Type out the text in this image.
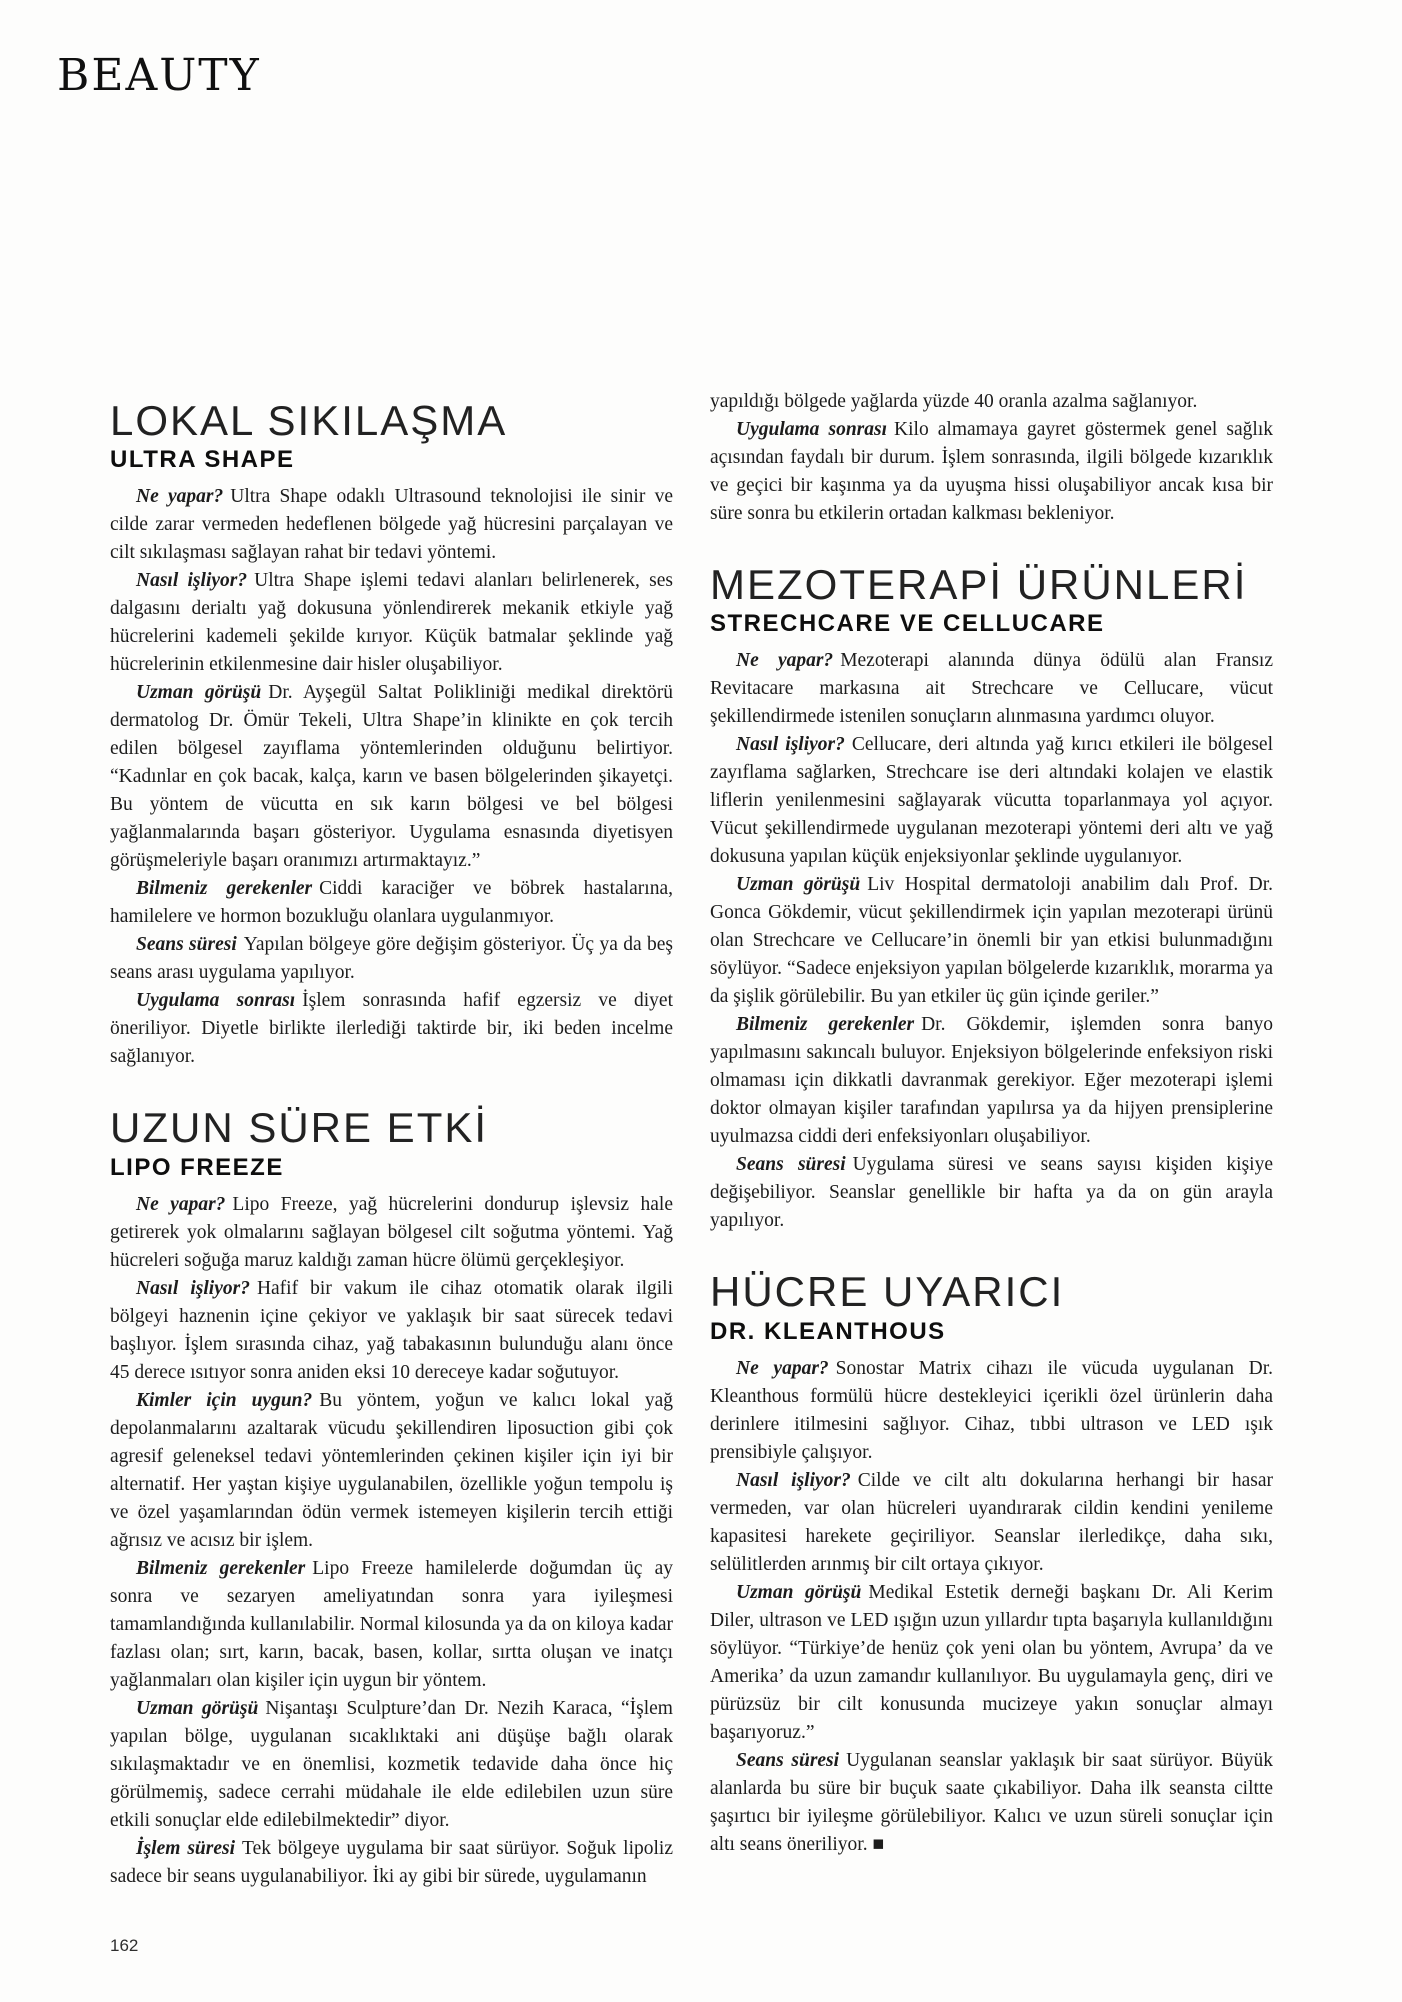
BEAUTY
LOKAL SIKILAŞMA
ULTRA SHAPE

Ne yapar? Ultra Shape odaklı Ultrasound teknolojisi ile sinir ve cilde zarar vermeden hedeflenen bölgede yağ hücresini parçalayan ve cilt sıkılaşması sağlayan rahat bir tedavi yöntemi.

Nasıl işliyor? Ultra Shape işlemi tedavi alanları belirlenerek, ses dalgasını derialtı yağ dokusuna yönlendirerek mekanik etkiyle yağ hücrelerini kademeli şekilde kırıyor. Küçük batmalar şeklinde yağ hücrelerinin etkilenmesine dair hisler oluşabiliyor.

Uzman görüşü Dr. Ayşegül Saltat Polikliniği medikal direktörü dermatolog Dr. Ömür Tekeli, Ultra Shape’in klinikte en çok tercih edilen bölgesel zayıflama yöntemlerinden olduğunu belirtiyor. “Kadınlar en çok bacak, kalça, karın ve basen bölgelerinden şikayetçi. Bu yöntem de vücutta en sık karın bölgesi ve bel bölgesi yağlanmalarında başarı gösteriyor. Uygulama esnasında diyetisyen görüşmeleriyle başarı oranımızı artırmaktayız.”

Bilmeniz gerekenler Ciddi karaciğer ve böbrek hastalarına, hamilelere ve hormon bozukluğu olanlara uygulanmıyor.

Seans süresi Yapılan bölgeye göre değişim gösteriyor. Üç ya da beş seans arası uygulama yapılıyor.

Uygulama sonrası İşlem sonrasında hafif egzersiz ve diyet öneriliyor. Diyetle birlikte ilerlediği taktirde bir, iki beden incelme sağlanıyor.

UZUN SÜRE ETKİ
LIPO FREEZE

Ne yapar? Lipo Freeze, yağ hücrelerini dondurup işlevsiz hale getirerek yok olmalarını sağlayan bölgesel cilt soğutma yöntemi. Yağ hücreleri soğuğa maruz kaldığı zaman hücre ölümü gerçekleşiyor.

Nasıl işliyor? Hafif bir vakum ile cihaz otomatik olarak ilgili bölgeyi haznenin içine çekiyor ve yaklaşık bir saat sürecek tedavi başlıyor. İşlem sırasında cihaz, yağ tabakasının bulunduğu alanı önce 45 derece ısıtıyor sonra aniden eksi 10 dereceye kadar soğutuyor.

Kimler için uygun? Bu yöntem, yoğun ve kalıcı lokal yağ depolanmalarını azaltarak vücudu şekillendiren liposuction gibi çok agresif geleneksel tedavi yöntemlerinden çekinen kişiler için iyi bir alternatif. Her yaştan kişiye uygulanabilen, özellikle yoğun tempolu iş ve özel yaşamlarından ödün vermek istemeyen kişilerin tercih ettiği ağrısız ve acısız bir işlem.

Bilmeniz gerekenler Lipo Freeze hamilelerde doğumdan üç ay sonra ve sezaryen ameliyatından sonra yara iyileşmesi tamamlandığında kullanılabilir. Normal kilosunda ya da on kiloya kadar fazlası olan; sırt, karın, bacak, basen, kollar, sırtta oluşan ve inatçı yağlanmaları olan kişiler için uygun bir yöntem.

Uzman görüşü Nişantaşı Sculpture’dan Dr. Nezih Karaca, “İşlem yapılan bölge, uygulanan sıcaklıktaki ani düşüşe bağlı olarak sıkılaşmaktadır ve en önemlisi, kozmetik tedavide daha önce hiç görülmemiş, sadece cerrahi müdahale ile elde edilebilen uzun süre etkili sonuçlar elde edilebilmektedir” diyor.

İşlem süresi Tek bölgeye uygulama bir saat sürüyor. Soğuk lipoliz sadece bir seans uygulanabiliyor. İki ay gibi bir sürede, uygulamanın

yapıldığı bölgede yağlarda yüzde 40 oranla azalma sağlanıyor.

Uygulama sonrası Kilo almamaya gayret göstermek genel sağlık açısından faydalı bir durum. İşlem sonrasında, ilgili bölgede kızarıklık ve geçici bir kaşınma ya da uyuşma hissi oluşabiliyor ancak kısa bir süre sonra bu etkilerin ortadan kalkması bekleniyor.

MEZOTERAPİ ÜRÜNLERİ
STRECHCARE VE CELLUCARE

Ne yapar? Mezoterapi alanında dünya ödülü alan Fransız Revitacare markasına ait Strechcare ve Cellucare, vücut şekillendirmede istenilen sonuçların alınmasına yardımcı oluyor.

Nasıl işliyor? Cellucare, deri altında yağ kırıcı etkileri ile bölgesel zayıflama sağlarken, Strechcare ise deri altındaki kolajen ve elastik liflerin yenilenmesini sağlayarak vücutta toparlanmaya yol açıyor. Vücut şekillendirmede uygulanan mezoterapi yöntemi deri altı ve yağ dokusuna yapılan küçük enjeksiyonlar şeklinde uygulanıyor.

Uzman görüşü Liv Hospital dermatoloji anabilim dalı Prof. Dr. Gonca Gökdemir, vücut şekillendirmek için yapılan mezoterapi ürünü olan Strechcare ve Cellucare’in önemli bir yan etkisi bulunmadığını söylüyor. “Sadece enjeksiyon yapılan bölgelerde kızarıklık, morarma ya da şişlik görülebilir. Bu yan etkiler üç gün içinde geriler.”

Bilmeniz gerekenler Dr. Gökdemir, işlemden sonra banyo yapılmasını sakıncalı buluyor. Enjeksiyon bölgelerinde enfeksiyon riski olmaması için dikkatli davranmak gerekiyor. Eğer mezoterapi işlemi doktor olmayan kişiler tarafından yapılırsa ya da hijyen prensiplerine uyulmazsa ciddi deri enfeksiyonları oluşabiliyor.

Seans süresi Uygulama süresi ve seans sayısı kişiden kişiye değişebiliyor. Seanslar genellikle bir hafta ya da on gün arayla yapılıyor.

HÜCRE UYARICI
DR. KLEANTHOUS

Ne yapar? Sonostar Matrix cihazı ile vücuda uygulanan Dr. Kleanthous formülü hücre destekleyici içerikli özel ürünlerin daha derinlere itilmesini sağlıyor. Cihaz, tıbbi ultrason ve LED ışık prensibiyle çalışıyor.

Nasıl işliyor? Cilde ve cilt altı dokularına herhangi bir hasar vermeden, var olan hücreleri uyandırarak cildin kendini yenileme kapasitesi harekete geçiriliyor. Seanslar ilerledikçe, daha sıkı, selülitlerden arınmış bir cilt ortaya çıkıyor.

Uzman görüşü Medikal Estetik derneği başkanı Dr. Ali Kerim Diler, ultrason ve LED ışığın uzun yıllardır tıpta başarıyla kullanıldığını söylüyor. “Türkiye’de henüz çok yeni olan bu yöntem, Avrupa’ da ve Amerika’ da uzun zamandır kullanılıyor. Bu uygulamayla genç, diri ve pürüzsüz bir cilt konusunda mucizeye yakın sonuçlar almayı başarıyoruz.”

Seans süresi Uygulanan seanslar yaklaşık bir saat sürüyor. Büyük alanlarda bu süre bir buçuk saate çıkabiliyor. Daha ilk seansta ciltte şaşırtıcı bir iyileşme görülebiliyor. Kalıcı ve uzun süreli sonuçlar için altı seans öneriliyor. ■

162
